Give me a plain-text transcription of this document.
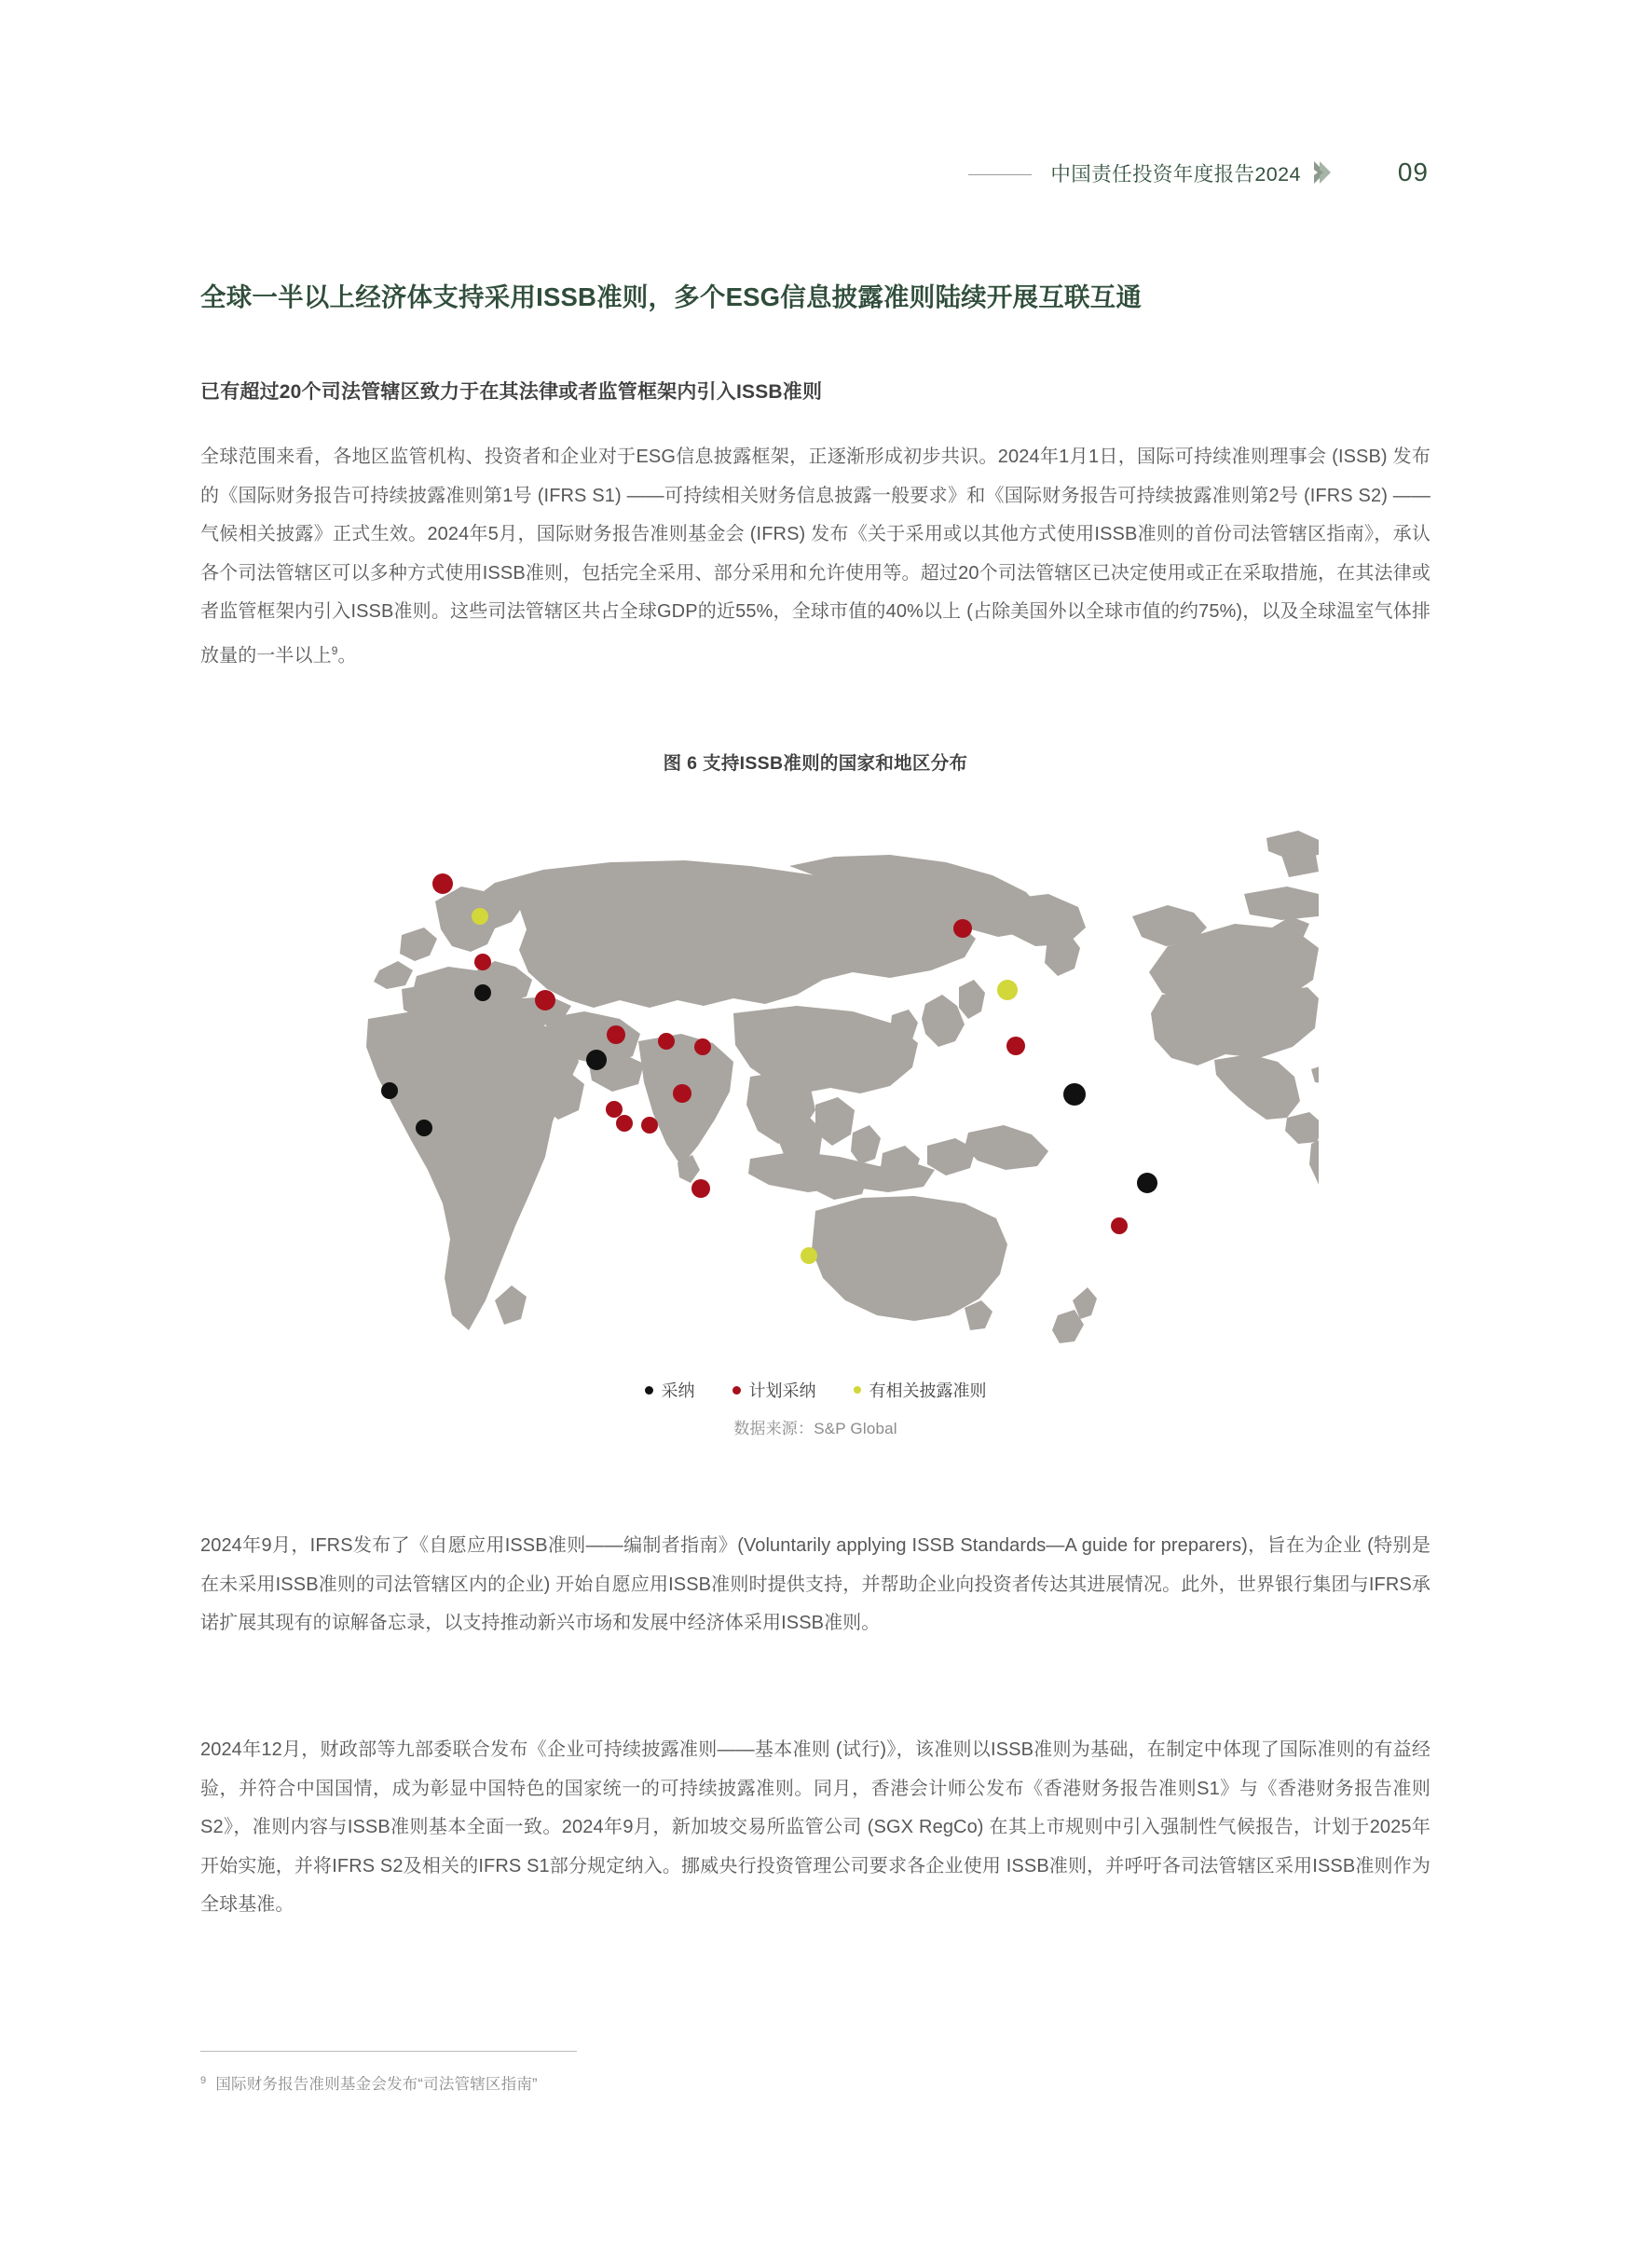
中国责任投资年度报告2024	09
全球一半以上经济体支持采用ISSB准则，多个ESG信息披露准则陆续开展互联互通
已有超过20个司法管辖区致力于在其法律或者监管框架内引入ISSB准则

全球范围来看，各地区监管机构、投资者和企业对于ESG信息披露框架，正逐渐形成初步共识。2024年1月1日，国际可持续准则理事会 (ISSB) 发布的《国际财务报告可持续披露准则第1号 (IFRS S1) ——可持续相关财务信息披露一般要求》和《国际财务报告可持续披露准则第2号 (IFRS S2) ——气候相关披露》正式生效。2024年5月，国际财务报告准则基金会 (IFRS) 发布《关于采用或以其他方式使用ISSB准则的首份司法管辖区指南》，承认各个司法管辖区可以多种方式使用ISSB准则，包括完全采用、部分采用和允许使用等。超过20个司法管辖区已决定使用或正在采取措施，在其法律或者监管框架内引入ISSB准则。这些司法管辖区共占全球GDP的近55%，全球市值的40%以上 (占除美国外以全球市值的约75%)，以及全球温室气体排放量的一半以上$^9$。

图 6 支持ISSB准则的国家和地区分布
采纳	计划采纳	有相关披露准则
数据来源：S&P Global

2024年9月，IFRS发布了《自愿应用ISSB准则——编制者指南》(Voluntarily applying ISSB Standards—A guide for preparers)，旨在为企业 (特别是在未采用ISSB准则的司法管辖区内的企业) 开始自愿应用ISSB准则时提供支持，并帮助企业向投资者传达其进展情况。此外，世界银行集团与IFRS承诺扩展其现有的谅解备忘录，以支持推动新兴市场和发展中经济体采用ISSB准则。

2024年12月，财政部等九部委联合发布《企业可持续披露准则——基本准则 (试行)》，该准则以ISSB准则为基础，在制定中体现了国际准则的有益经验，并符合中国国情，成为彰显中国特色的国家统一的可持续披露准则。同月，香港会计师公发布《香港财务报告准则S1》与《香港财务报告准则S2》，准则内容与ISSB准则基本全面一致。2024年9月，新加坡交易所监管公司 (SGX RegCo) 在其上市规则中引入强制性气候报告，计划于2025年开始实施，并将IFRS S2及相关的IFRS S1部分规定纳入。挪威央行投资管理公司要求各企业使用 ISSB准则，并呼吁各司法管辖区采用ISSB准则作为全球基准。

$^9$ 国际财务报告准则基金会发布“司法管辖区指南”
